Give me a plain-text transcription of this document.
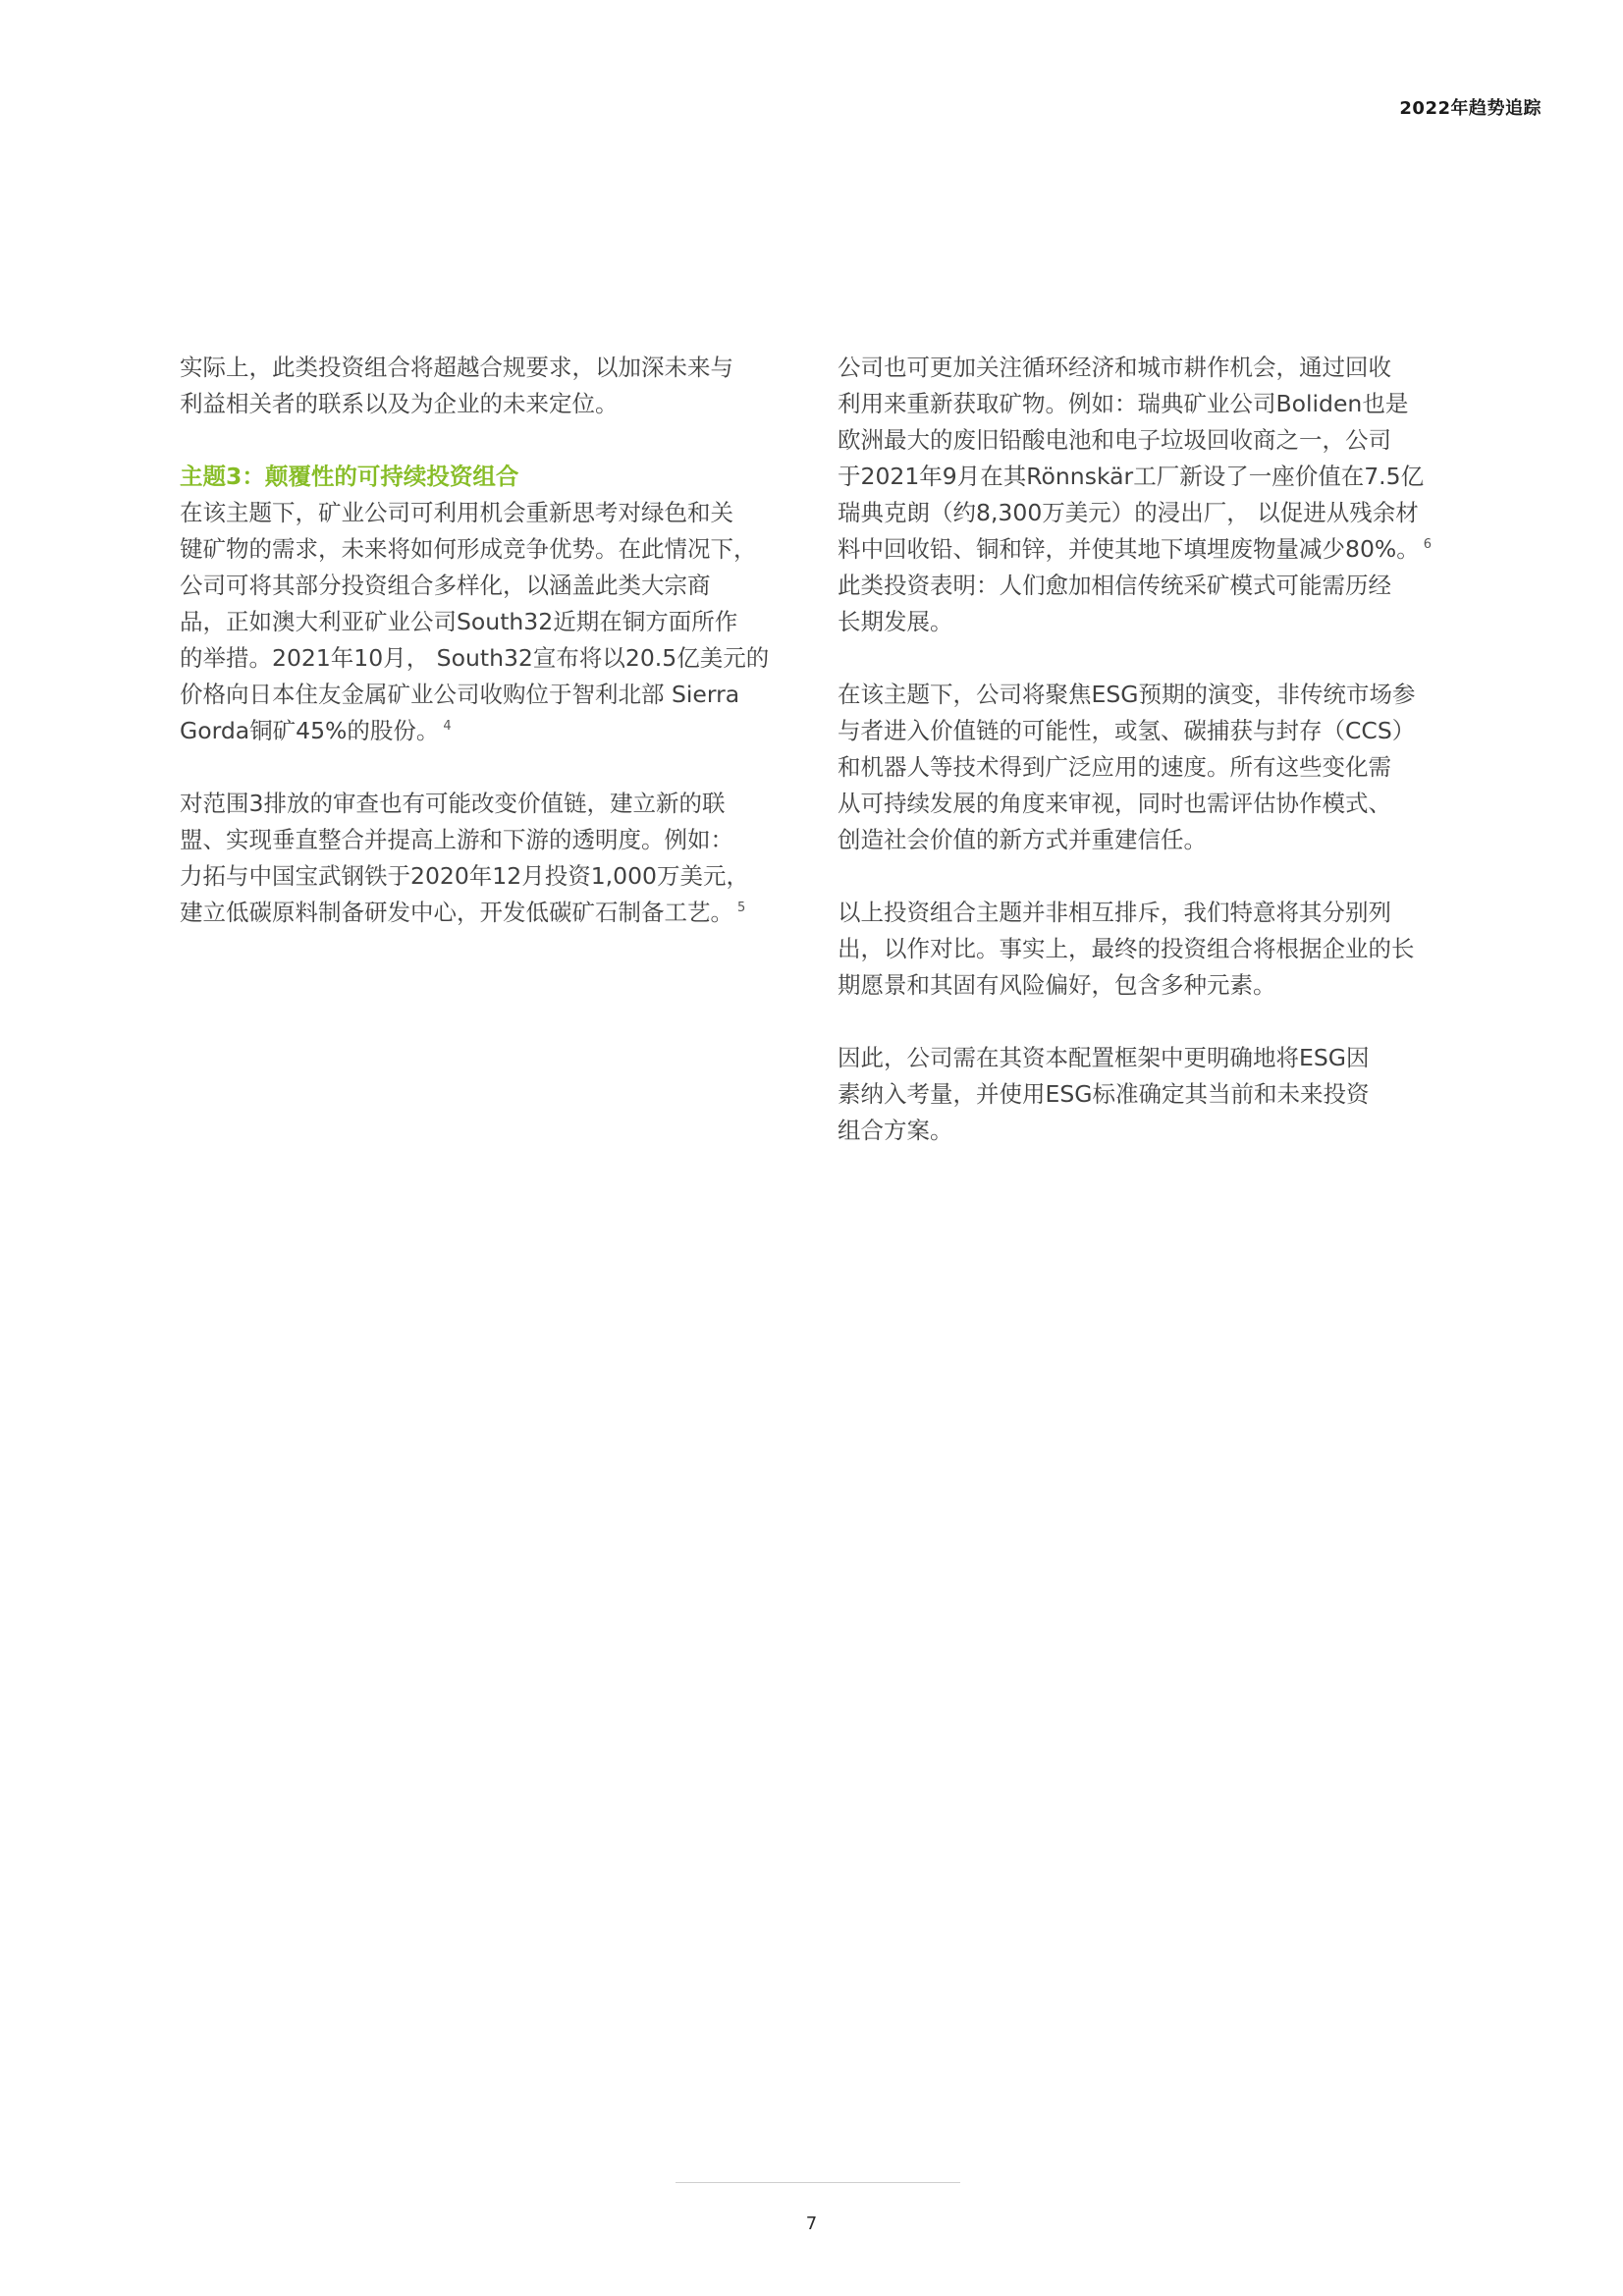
2022年趋势追踪
实际上，此类投资组合将超越合规要求，以加深未来与
利益相关者的联系以及为企业的未来定位。
主题3：颠覆性的可持续投资组合
在该主题下，矿业公司可利用机会重新思考对绿色和关
键矿物的需求，未来将如何形成竞争优势。在此情况下，
公司可将其部分投资组合多样化，以涵盖此类大宗商
品，正如澳大利亚矿业公司South32近期在铜方面所作
的举措。2021年10月， South32宣布将以20.5亿美元的
价格向日本住友金属矿业公司收购位于智利北部 Sierra
Gorda铜矿45%的股份。 $^4$
对范围3排放的审查也有可能改变价值链，建立新的联
盟、实现垂直整合并提高上游和下游的透明度。例如：
力拓与中国宝武钢铁于2020年12月投资1,000万美元，
建立低碳原料制备研发中心，开发低碳矿石制备工艺。 $^5$
公司也可更加关注循环经济和城市耕作机会，通过回收
利用来重新获取矿物。例如：瑞典矿业公司Boliden也是
欧洲最大的废旧铅酸电池和电子垃圾回收商之一，公司
于2021年9月在其Rönnskär工厂新设了一座价值在7.5亿
瑞典克朗（约8,300万美元）的浸出厂， 以促进从残余材
料中回收铅、铜和锌，并使其地下填埋废物量减少80%。 $^6$
此类投资表明：人们愈加相信传统采矿模式可能需历经
长期发展。
在该主题下，公司将聚焦ESG预期的演变，非传统市场参
与者进入价值链的可能性，或氢、碳捕获与封存（CCS）
和机器人等技术得到广泛应用的速度。所有这些变化需
从可持续发展的角度来审视，同时也需评估协作模式、
创造社会价值的新方式并重建信任。
以上投资组合主题并非相互排斥，我们特意将其分别列
出，以作对比。事实上，最终的投资组合将根据企业的长
期愿景和其固有风险偏好，包含多种元素。
因此，公司需在其资本配置框架中更明确地将ESG因
素纳入考量，并使用ESG标准确定其当前和未来投资
组合方案。
7
